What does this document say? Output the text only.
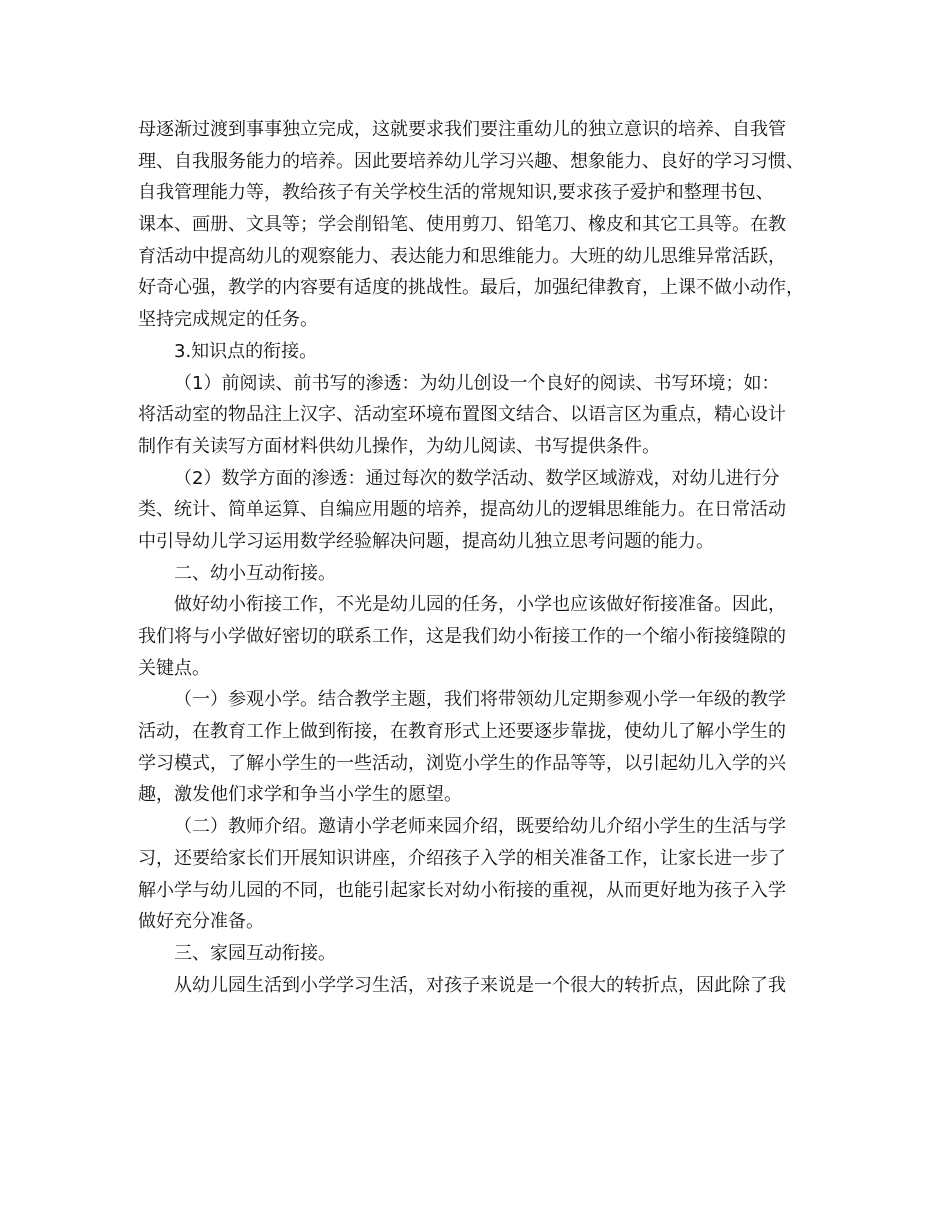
母逐渐过渡到事事独立完成，这就要求我们要注重幼儿的独立意识的培养、自我管
理、自我服务能力的培养。因此要培养幼儿学习兴趣、想象能力、良好的学习习惯、
自我管理能力等，教给孩子有关学校生活的常规知识,要求孩子爱护和整理书包、
课本、画册、文具等；学会削铅笔、使用剪刀、铅笔刀、橡皮和其它工具等。在教
育活动中提高幼儿的观察能力、表达能力和思维能力。大班的幼儿思维异常活跃，
好奇心强，教学的内容要有适度的挑战性。最后，加强纪律教育，上课不做小动作，
坚持完成规定的任务。
3.知识点的衔接。
（1）前阅读、前书写的渗透：为幼儿创设一个良好的阅读、书写环境；如：
将活动室的物品注上汉字、活动室环境布置图文结合、以语言区为重点，精心设计
制作有关读写方面材料供幼儿操作，为幼儿阅读、书写提供条件。
（2）数学方面的渗透：通过每次的数学活动、数学区域游戏，对幼儿进行分
类、统计、简单运算、自编应用题的培养，提高幼儿的逻辑思维能力。在日常活动
中引导幼儿学习运用数学经验解决问题，提高幼儿独立思考问题的能力。
二、幼小互动衔接。
做好幼小衔接工作，不光是幼儿园的任务，小学也应该做好衔接准备。因此，
我们将与小学做好密切的联系工作，这是我们幼小衔接工作的一个缩小衔接缝隙的
关键点。
（一）参观小学。结合教学主题，我们将带领幼儿定期参观小学一年级的教学
活动，在教育工作上做到衔接，在教育形式上还要逐步靠拢，使幼儿了解小学生的
学习模式，了解小学生的一些活动，浏览小学生的作品等等，以引起幼儿入学的兴
趣，激发他们求学和争当小学生的愿望。
（二）教师介绍。邀请小学老师来园介绍，既要给幼儿介绍小学生的生活与学
习，还要给家长们开展知识讲座，介绍孩子入学的相关准备工作，让家长进一步了
解小学与幼儿园的不同，也能引起家长对幼小衔接的重视，从而更好地为孩子入学
做好充分准备。
三、家园互动衔接。
从幼儿园生活到小学学习生活，对孩子来说是一个很大的转折点，因此除了我
